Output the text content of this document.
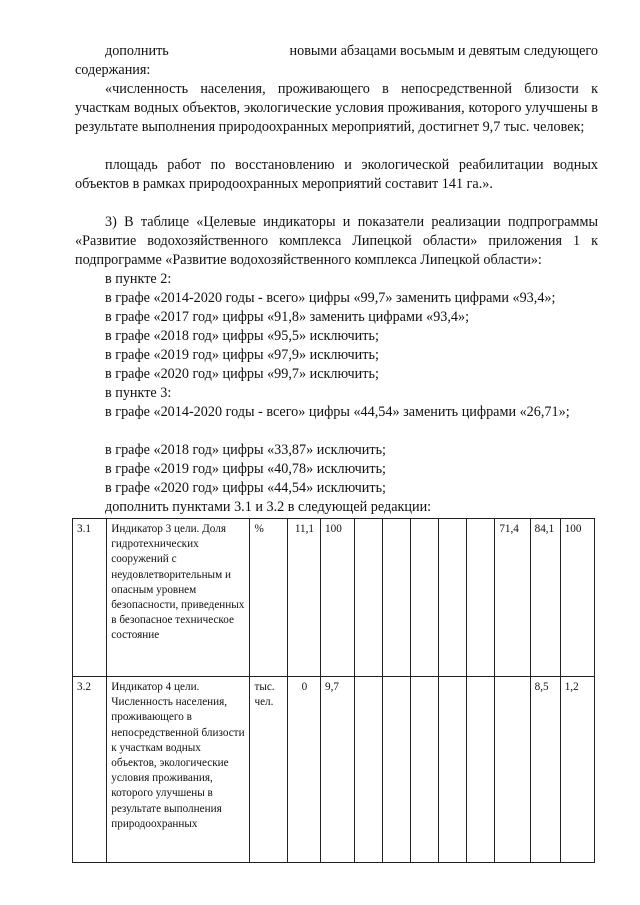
дополнить	новыми абзацами восьмым и девятым следующего

содержания:

«численность населения, проживающего в непосредственной близости к участкам водных объектов, экологические условия проживания, которого улучшены в результате выполнения природоохранных мероприятий, достигнет 9,7 тыс. человек;

площадь работ по восстановлению и экологической реабилитации водных объектов в рамках природоохранных мероприятий составит 141 га.».

3) В таблице «Целевые индикаторы и показатели реализации подпрограммы «Развитие водохозяйственного комплекса Липецкой области» приложения 1 к подпрограмме «Развитие водохозяйственного комплекса Липецкой области»:

в пункте 2:

в графе «2014-2020 годы - всего» цифры «99,7» заменить цифрами «93,4»;

в графе «2017 год» цифры «91,8» заменить цифрами «93,4»;

в графе «2018 год» цифры «95,5» исключить;

в графе «2019 год» цифры «97,9» исключить;

в графе «2020 год» цифры «99,7» исключить;

в пункте 3:

в графе «2014-2020 годы - всего» цифры «44,54» заменить цифрами «26,71»;

в графе «2018 год» цифры «33,87» исключить;

в графе «2019 год» цифры «40,78» исключить;

в графе «2020 год» цифры «44,54» исключить;

дополнить пунктами 3.1 и 3.2 в следующей редакции:

3.1	Индикатор 3 цели. Доля гидротехнических сооружений с неудовлетворительным и опасным уровнем безопасности, приведенных в безопасное техническое состояние	%	11,1	100						71,4	84,1	100
3.2	Индикатор 4 цели. Численность населения, проживающего в непосредственной близости к участкам водных объектов, экологические условия проживания, которого улучшены в результате выполнения природоохранных	тыс. чел.	0	9,7							8,5	1,2
